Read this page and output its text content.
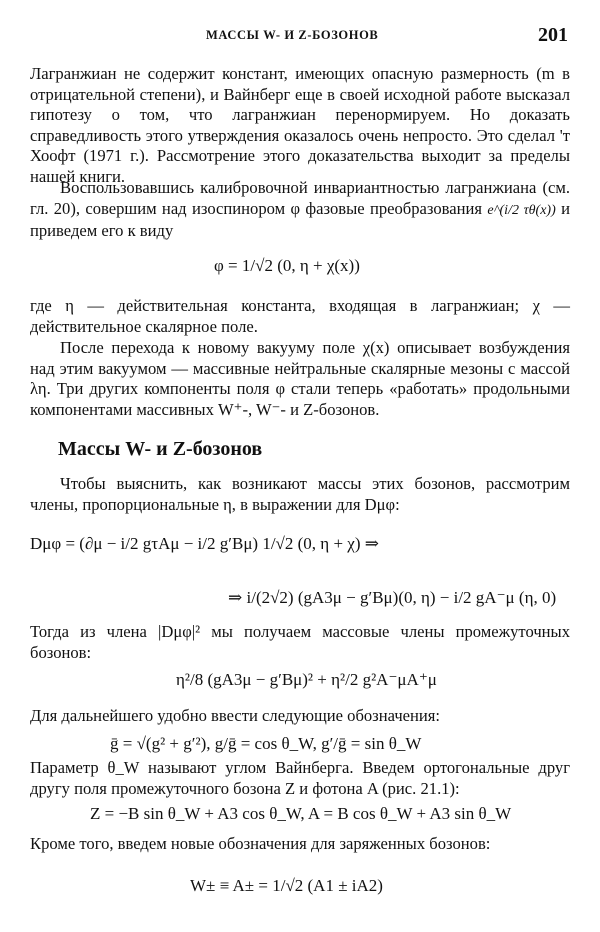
МАССЫ W- И Z-БОЗОНОВ	201
Лагранжиан не содержит констант, имеющих опасную размерность (m в отрицательной степени), и Вайнберг еще в своей исходной работе высказал гипотезу о том, что лагранжиан перенормируем. Но доказать справедливость этого утверждения оказалось очень непросто. Это сделал 'т Хоофт (1971 г.). Рассмотрение этого доказательства выходит за пределы нашей книги.
Воспользовавшись калибровочной инвариантностью лагранжиана (см. гл. 20), совершим над изоспинором φ фазовые преобразования e^(i/2 τθ(x)) и приведем его к виду
φ = 1/√2 (0, η + χ(x))
где η — действительная константа, входящая в лагранжиан; χ — действительное скалярное поле.
После перехода к новому вакууму поле χ(x) описывает возбуждения над этим вакуумом — массивные нейтральные скалярные мезоны с массой λη. Три других компоненты поля φ стали теперь «работать» продольными компонентами массивных W⁺-, W⁻- и Z-бозонов.
Массы W- и Z-бозонов
Чтобы выяснить, как возникают массы этих бозонов, рассмотрим члены, пропорциональные η, в выражении для Dμφ:
Dμφ = (∂μ − i/2 gτAμ − i/2 g′Bμ) 1/√2 (0, η + χ) ⇒
⇒ i/(2√2) (gA3μ − g′Bμ)(0, η) − i/2 gA⁻μ (η, 0)
Тогда из члена |Dμφ|² мы получаем массовые члены промежуточных бозонов:
η²/8 (gA3μ − g′Bμ)² + η²/2 g²A⁻μA⁺μ
Для дальнейшего удобно ввести следующие обозначения:
ḡ = √(g² + g′²), g/ḡ = cos θ_W, g′/ḡ = sin θ_W
Параметр θ_W называют углом Вайнберга. Введем ортогональные друг другу поля промежуточного бозона Z и фотона A (рис. 21.1):
Z = −B sin θ_W + A3 cos θ_W, A = B cos θ_W + A3 sin θ_W
Кроме того, введем новые обозначения для заряженных бозонов:
W± ≡ A± = 1/√2 (A1 ± iA2)
